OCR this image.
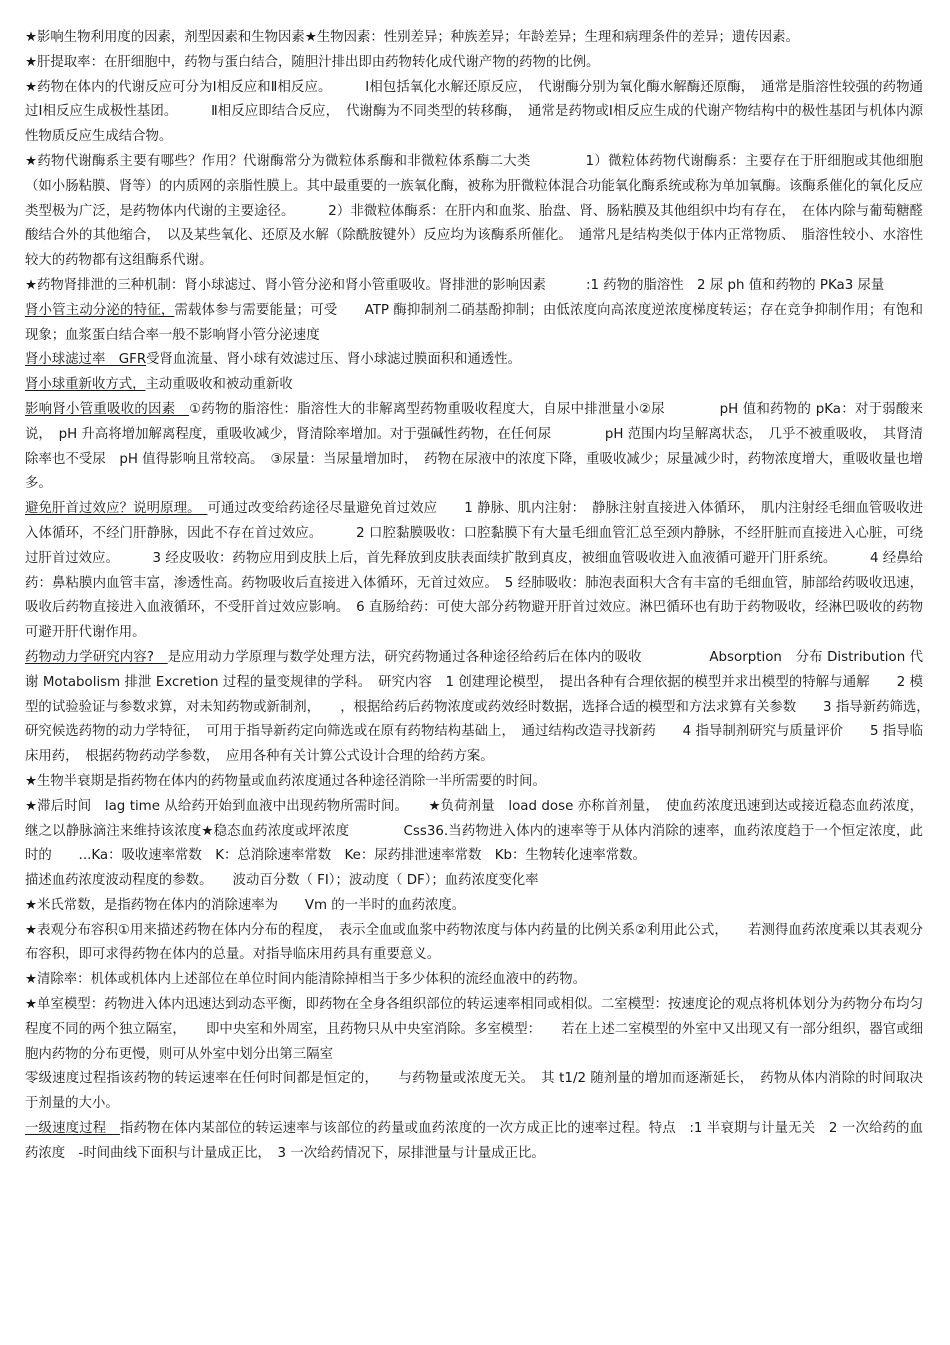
★影响生物利用度的因素，剂型因素和生物因素★生物因素：性别差异；种族差异；年龄差异；生理和病理条件的差异；遗传因素。

★肝提取率：在肝细胞中，药物与蛋白结合，随胆汁排出即由药物转化成代谢产物的药物的比例。

★药物在体内的代谢反应可分为Ⅰ相反应和Ⅱ相反应。　　　Ⅰ相包括氧化水解还原反应，　代谢酶分别为氧化酶水解酶还原酶，　通常是脂溶性较强的药物通过Ⅰ相反应生成极性基团。　　　Ⅱ相反应即结合反应，　代谢酶为不同类型的转移酶，　通常是药物或Ⅰ相反应生成的代谢产物结构中的极性基团与机体内源性物质反应生成结合物。

★药物代谢酶系主要有哪些？作用？代谢酶常分为微粒体系酶和非微粒体系酶二大类　　　　1）微粒体药物代谢酶系：主要存在于肝细胞或其他细胞（如小肠粘膜、肾等）的内质网的亲脂性膜上。其中最重要的一族氧化酶，被称为肝微粒体混合功能氧化酶系统或称为单加氧酶。该酶系催化的氧化反应类型极为广泛，是药物体内代谢的主要途径。　　　2）非微粒体酶系：在肝内和血浆、胎盘、肾、肠粘膜及其他组织中均有存在，　在体内除与葡萄糖醛酸结合外的其他缩合，　以及某些氧化、还原及水解（除酰胺键外）反应均为该酶系所催化。　通常凡是结构类似于体内正常物质、　脂溶性较小、水溶性较大的药物都有这组酶系代谢。

★药物肾排泄的三种机制：肾小球滤过、肾小管分泌和肾小管重吸收。肾排泄的影响因素　　　:1 药物的脂溶性　2 尿 ph 值和药物的 PKa3 尿量

肾小管主动分泌的特征，需载体参与需要能量；可受　　ATP 酶抑制剂二硝基酚抑制；由低浓度向高浓度逆浓度梯度转运；存在竞争抑制作用；有饱和现象；血浆蛋白结合率一般不影响肾小管分泌速度

肾小球滤过率　GFR受肾血流量、肾小球有效滤过压、肾小球滤过膜面积和通透性。

肾小球重新收方式，主动重吸收和被动重新收

影响肾小管重吸收的因素　①药物的脂溶性：脂溶性大的非解离型药物重吸收程度大，自尿中排泄量小②尿　　　　pH 值和药物的 pKa：对于弱酸来说，　pH 升高将增加解离程度，重吸收减少，肾清除率增加。对于强碱性药物，在任何尿　　　　pH 范围内均呈解离状态，　几乎不被重吸收，　其肾清除率也不受尿　pH 值得影响且常较高。　③尿量：当尿量增加时，　药物在尿液中的浓度下降，重吸收减少；尿量减少时，药物浓度增大，重吸收量也增多。

避免肝首过效应？说明原理。　可通过改变给药途径尽量避免首过效应　　1 静脉、肌内注射：　静脉注射直接进入体循环，　肌内注射经毛细血管吸收进入体循环，不经门肝静脉，因此不存在首过效应。　　　2 口腔黏膜吸收：口腔黏膜下有大量毛细血管汇总至颈内静脉，不经肝脏而直接进入心脏，可绕过肝首过效应。　　　3 经皮吸收：药物应用到皮肤上后，首先释放到皮肤表面续扩散到真皮，被细血管吸收进入血液循可避开门肝系统。　　　4 经鼻给药：鼻粘膜内血管丰富，渗透性高。药物吸收后直接进入体循环，无首过效应。　5 经肺吸收：肺泡表面积大含有丰富的毛细血管，肺部给药吸收迅速，吸收后药物直接进入血液循环，不受肝首过效应影响。　6 直肠给药：可使大部分药物避开肝首过效应。淋巴循环也有助于药物吸收，经淋巴吸收的药物可避开肝代谢作用。

药物动力学研究内容?　是应用动力学原理与数学处理方法，研究药物通过各种途径给药后在体内的吸收　　　　　Absorption　分布 Distribution 代谢 Motabolism 排泄 Excretion 过程的量变规律的学科。　研究内容　1 创建理论模型，　提出各种有合理依据的模型并求出模型的特解与通解　　2 模型的试验验证与参数求算，对未知药物或新制剂，　　，根据给药后药物浓度或药效经时数据，选择合适的模型和方法求算有关参数　　3 指导新药筛选，　研究候选药物的动力学特征，　可用于指导新药定向筛选或在原有药物结构基础上，　通过结构改造寻找新药　　4 指导制剂研究与质量评价　　5 指导临床用药，　根据药物药动学参数，　应用各种有关计算公式设计合理的给药方案。

★生物半衰期是指药物在体内的药物量或血药浓度通过各种途径消除一半所需要的时间。

★滞后时间　lag time 从给药开始到血液中出现药物所需时间。　　★负荷剂量　load dose 亦称首剂量，　使血药浓度迅速到达或接近稳态血药浓度，继之以静脉滴注来维持该浓度★稳态血药浓度或坪浓度　　　　Css36.当药物进入体内的速率等于从体内消除的速率，血药浓度趋于一个恒定浓度，此时的　　...Ka：吸收速率常数　K：总消除速率常数　Ke：尿药排泄速率常数　Kb：生物转化速率常数。

描述血药浓度波动程度的参数。　　波动百分数（ FI）；波动度（ DF）；血药浓度变化率

★米氏常数，是指药物在体内的消除速率为　　Vm 的一半时的血药浓度。

★表观分布容积①用来描述药物在体内分布的程度，　表示全血或血浆中药物浓度与体内药量的比例关系②利用此公式，　　若测得血药浓度乘以其表观分布容积，即可求得药物在体内的总量。对指导临床用药具有重要意义。

★清除率：机体或机体内上述部位在单位时间内能清除掉相当于多少体积的流经血液中的药物。

★单室模型：药物进入体内迅速达到动态平衡，即药物在全身各组织部位的转运速率相同或相似。二室模型：按速度论的观点将机体划分为药物分布均匀程度不同的两个独立隔室，　　即中央室和外周室，且药物只从中央室消除。多室模型：　　若在上述二室模型的外室中又出现又有一部分组织，器官或细胞内药物的分布更慢，则可从外室中划分出第三隔室

零级速度过程指该药物的转运速率在任何时间都是恒定的，　　与药物量或浓度无关。　其 t1/2 随剂量的增加而逐渐延长，　药物从体内消除的时间取决于剂量的大小。

一级速度过程　指药物在体内某部位的转运速率与该部位的药量或血药浓度的一次方成正比的速率过程。特点　:1 半衰期与计量无关　2 一次给药的血药浓度　-时间曲线下面积与计量成正比，　3 一次给药情况下，尿排泄量与计量成正比。
